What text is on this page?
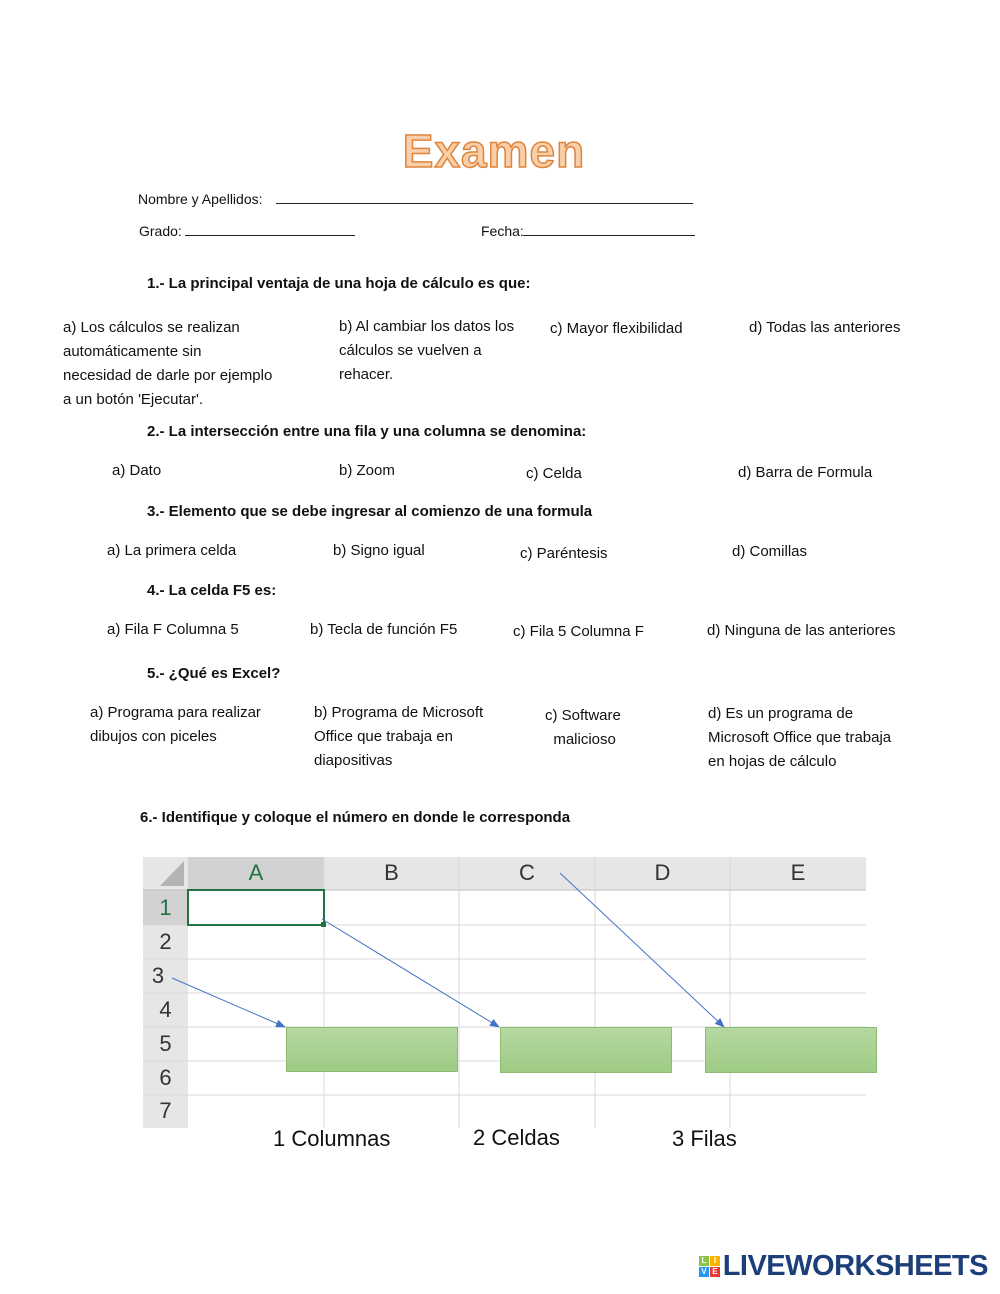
Examen
Nombre y Apellidos:
Grado:	Fecha:
1.- La principal ventaja de una hoja de cálculo es que:
a) Los cálculos se realizan
automáticamente sin
necesidad de darle por ejemplo
a un botón 'Ejecutar'.
b) Al cambiar los datos los
cálculos se vuelven a
rehacer.
c) Mayor flexibilidad	d) Todas las anteriores
2.- La intersección entre una fila y una columna se denomina:
a) Dato	b) Zoom	c) Celda	d) Barra de Formula
3.- Elemento que se debe ingresar al comienzo de una formula
a) La primera celda	b) Signo igual	c) Paréntesis	d) Comillas
4.- La celda F5 es:
a) Fila F Columna 5	b) Tecla de función F5	c) Fila 5 Columna F	d) Ninguna de las anteriores
5.- ¿Qué es Excel?
a) Programa para realizar
dibujos con piceles
b) Programa de Microsoft
Office que trabaja en
diapositivas
c) Software
malicioso
d) Es un programa de
Microsoft Office que trabaja
en hojas de cálculo
6.- Identifique y coloque el número en donde le corresponda
A	B	C	D	E
1
2
3
4
5
6
7
1 Columnas	2 Celdas	3 Filas
L I
V E LIVEWORKSHEETS
